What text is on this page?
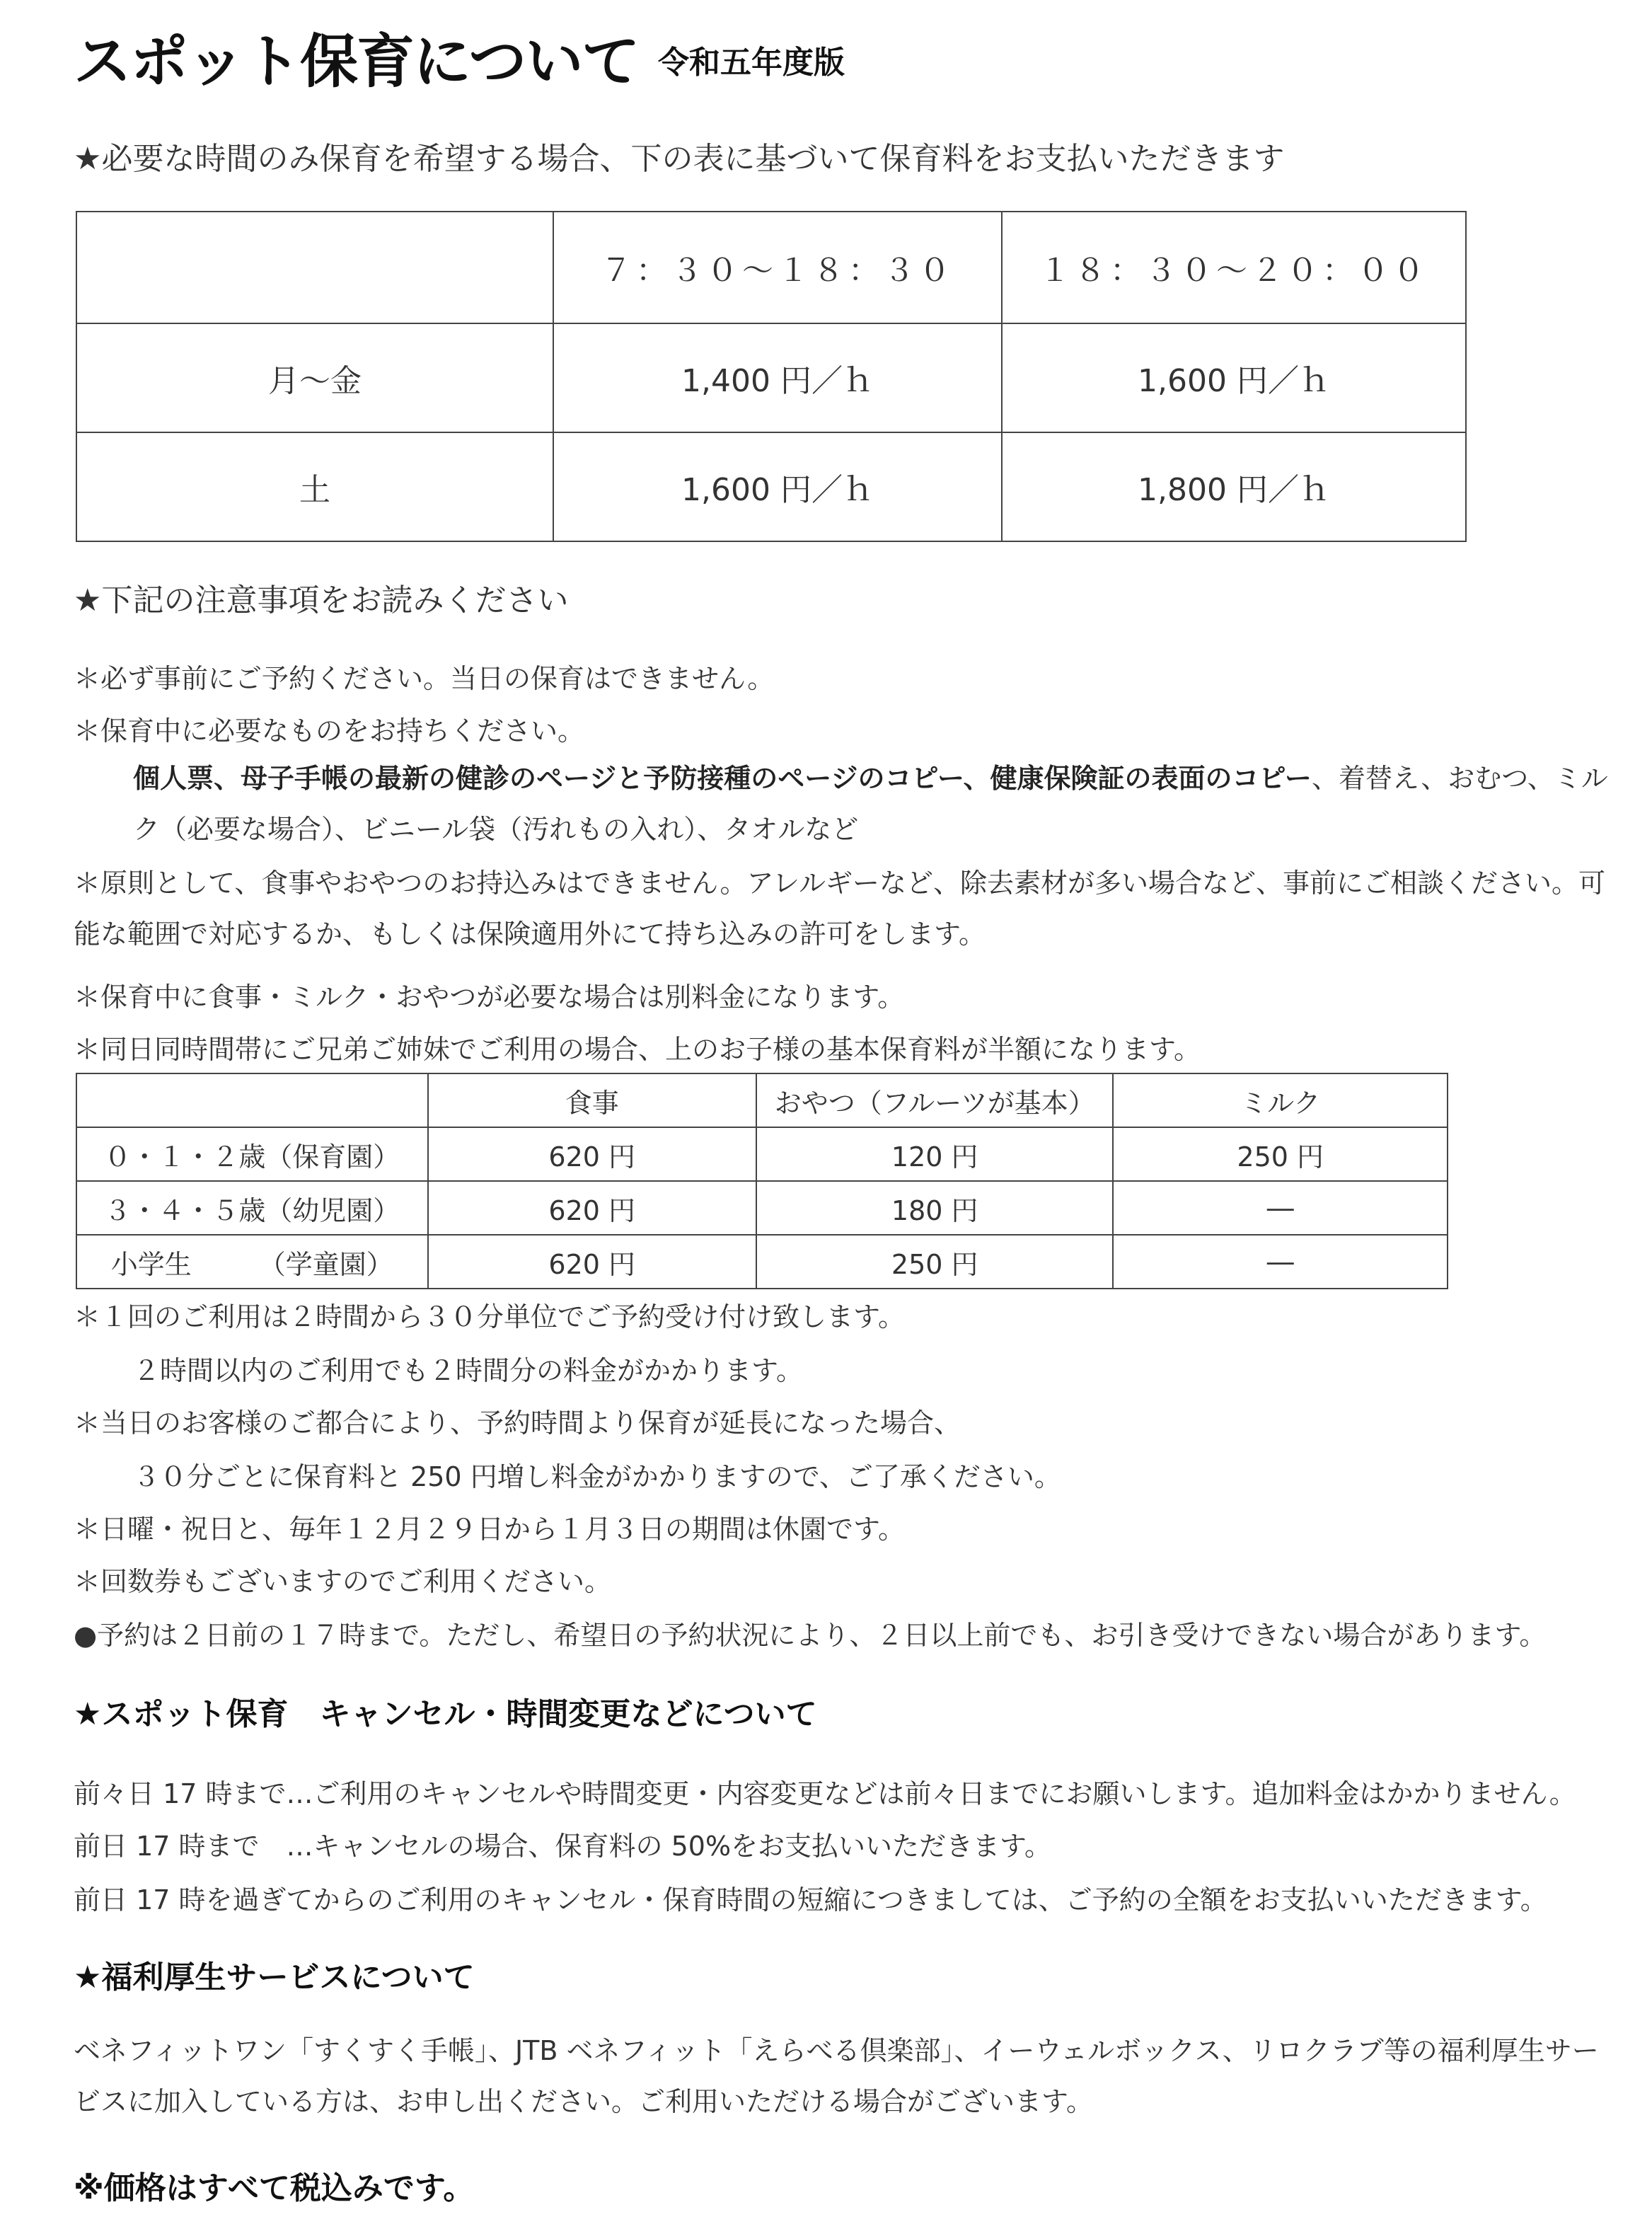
スポット保育について 令和五年度版
★必要な時間のみ保育を希望する場合、下の表に基づいて保育料をお支払いただきます
	７：３０～１８：３０	１８：３０～２０：００
月～金	1,400 円／ｈ	1,600 円／ｈ
土	1,600 円／ｈ	1,800 円／ｈ
★下記の注意事項をお読みください
＊必ず事前にご予約ください。当日の保育はできません。
＊保育中に必要なものをお持ちください。
個人票、母子手帳の最新の健診のページと予防接種のページのコピー、健康保険証の表面のコピー、着替え、おむつ、ミルク（必要な場合）、ビニール袋（汚れもの入れ）、タオルなど
＊原則として、食事やおやつのお持込みはできません。アレルギーなど、除去素材が多い場合など、事前にご相談ください。可能な範囲で対応するか、もしくは保険適用外にて持ち込みの許可をします。
＊保育中に食事・ミルク・おやつが必要な場合は別料金になります。
＊同日同時間帯にご兄弟ご姉妹でご利用の場合、上のお子様の基本保育料が半額になります。
	食事	おやつ（フルーツが基本）	ミルク
０・１・２歳（保育園）	620 円	120 円	250 円
３・４・５歳（幼児園）	620 円	180 円	―
小学生　　　（学童園）	620 円	250 円	―
＊１回のご利用は２時間から３０分単位でご予約受け付け致します。
２時間以内のご利用でも２時間分の料金がかかります。
＊当日のお客様のご都合により、予約時間より保育が延長になった場合、
３０分ごとに保育料と 250 円増し料金がかかりますので、ご了承ください。
＊日曜・祝日と、毎年１２月２９日から１月３日の期間は休園です。
＊回数券もございますのでご利用ください。
●予約は２日前の１７時まで。ただし、希望日の予約状況により、２日以上前でも、お引き受けできない場合があります。
★スポット保育　キャンセル・時間変更などについて
前々日 17 時まで…ご利用のキャンセルや時間変更・内容変更などは前々日までにお願いします。追加料金はかかりません。
前日 17 時まで　…キャンセルの場合、保育料の 50%をお支払いいただきます。
前日 17 時を過ぎてからのご利用のキャンセル・保育時間の短縮につきましては、ご予約の全額をお支払いいただきます。
★福利厚生サービスについて
ベネフィットワン「すくすく手帳」、JTB ベネフィット「えらべる倶楽部」、イーウェルボックス、リロクラブ等の福利厚生サービスに加入している方は、お申し出ください。ご利用いただける場合がございます。
※価格はすべて税込みです。
